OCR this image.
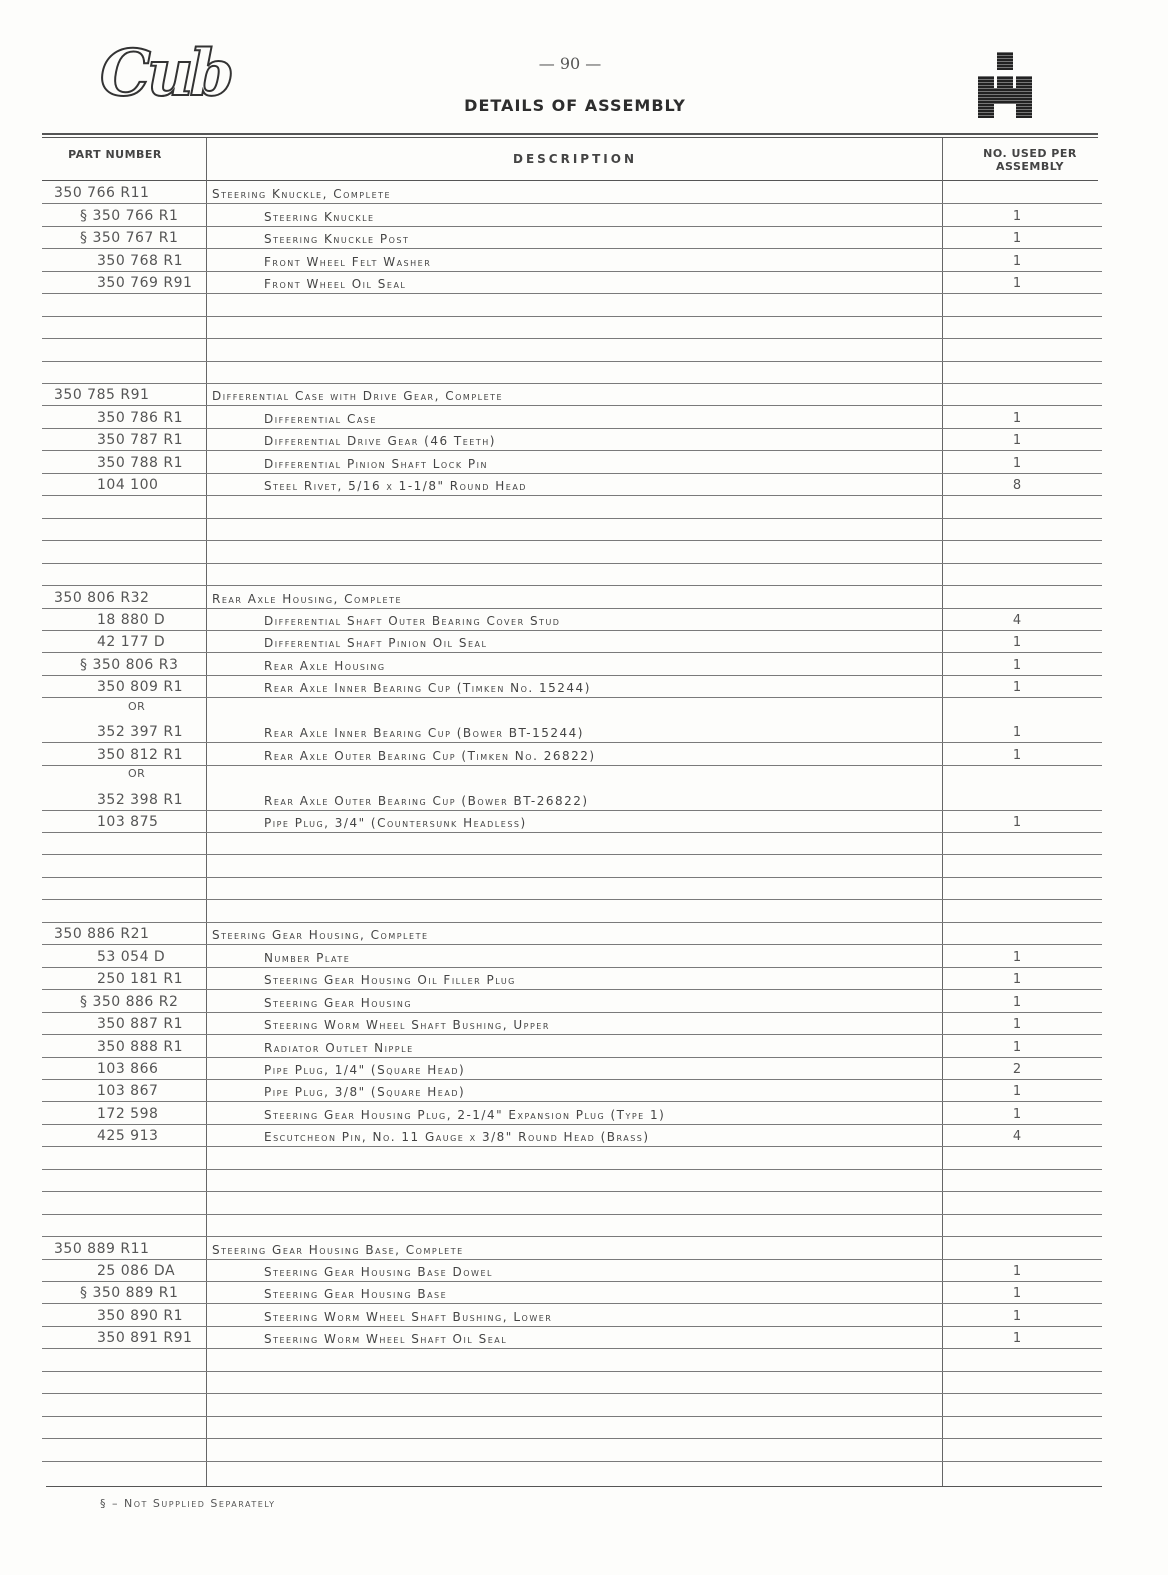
Cub	— 90 —
DETAILS OF ASSEMBLY
PART NUMBER	DESCRIPTION	NO. USED PER ASSEMBLY
350 766 R11	Steering Knuckle, Complete
§ 350 766 R1	Steering Knuckle	1
§ 350 767 R1	Steering Knuckle Post	1
350 768 R1	Front Wheel Felt Washer	1
350 769 R91	Front Wheel Oil Seal	1
350 785 R91	Differential Case with Drive Gear, Complete
350 786 R1	Differential Case	1
350 787 R1	Differential Drive Gear (46 Teeth)	1
350 788 R1	Differential Pinion Shaft Lock Pin	1
104 100	Steel Rivet, 5/16 x 1-1/8" Round Head	8
350 806 R32	Rear Axle Housing, Complete
18 880 D	Differential Shaft Outer Bearing Cover Stud	4
42 177 D	Differential Shaft Pinion Oil Seal	1
§ 350 806 R3	Rear Axle Housing	1
350 809 R1	Rear Axle Inner Bearing Cup (Timken No. 15244)	1
OR
352 397 R1	Rear Axle Inner Bearing Cup (Bower BT-15244)	1
350 812 R1	Rear Axle Outer Bearing Cup (Timken No. 26822)	1
OR
352 398 R1	Rear Axle Outer Bearing Cup (Bower BT-26822)
103 875	Pipe Plug, 3/4" (Countersunk Headless)	1
350 886 R21	Steering Gear Housing, Complete
53 054 D	Number Plate	1
250 181 R1	Steering Gear Housing Oil Filler Plug	1
§ 350 886 R2	Steering Gear Housing	1
350 887 R1	Steering Worm Wheel Shaft Bushing, Upper	1
350 888 R1	Radiator Outlet Nipple	1
103 866	Pipe Plug, 1/4" (Square Head)	2
103 867	Pipe Plug, 3/8" (Square Head)	1
172 598	Steering Gear Housing Plug, 2-1/4" Expansion Plug (Type 1)	1
425 913	Escutcheon Pin, No. 11 Gauge x 3/8" Round Head (Brass)	4
350 889 R11	Steering Gear Housing Base, Complete
25 086 DA	Steering Gear Housing Base Dowel	1
§ 350 889 R1	Steering Gear Housing Base	1
350 890 R1	Steering Worm Wheel Shaft Bushing, Lower	1
350 891 R91	Steering Worm Wheel Shaft Oil Seal	1
§ – Not Supplied Separately
